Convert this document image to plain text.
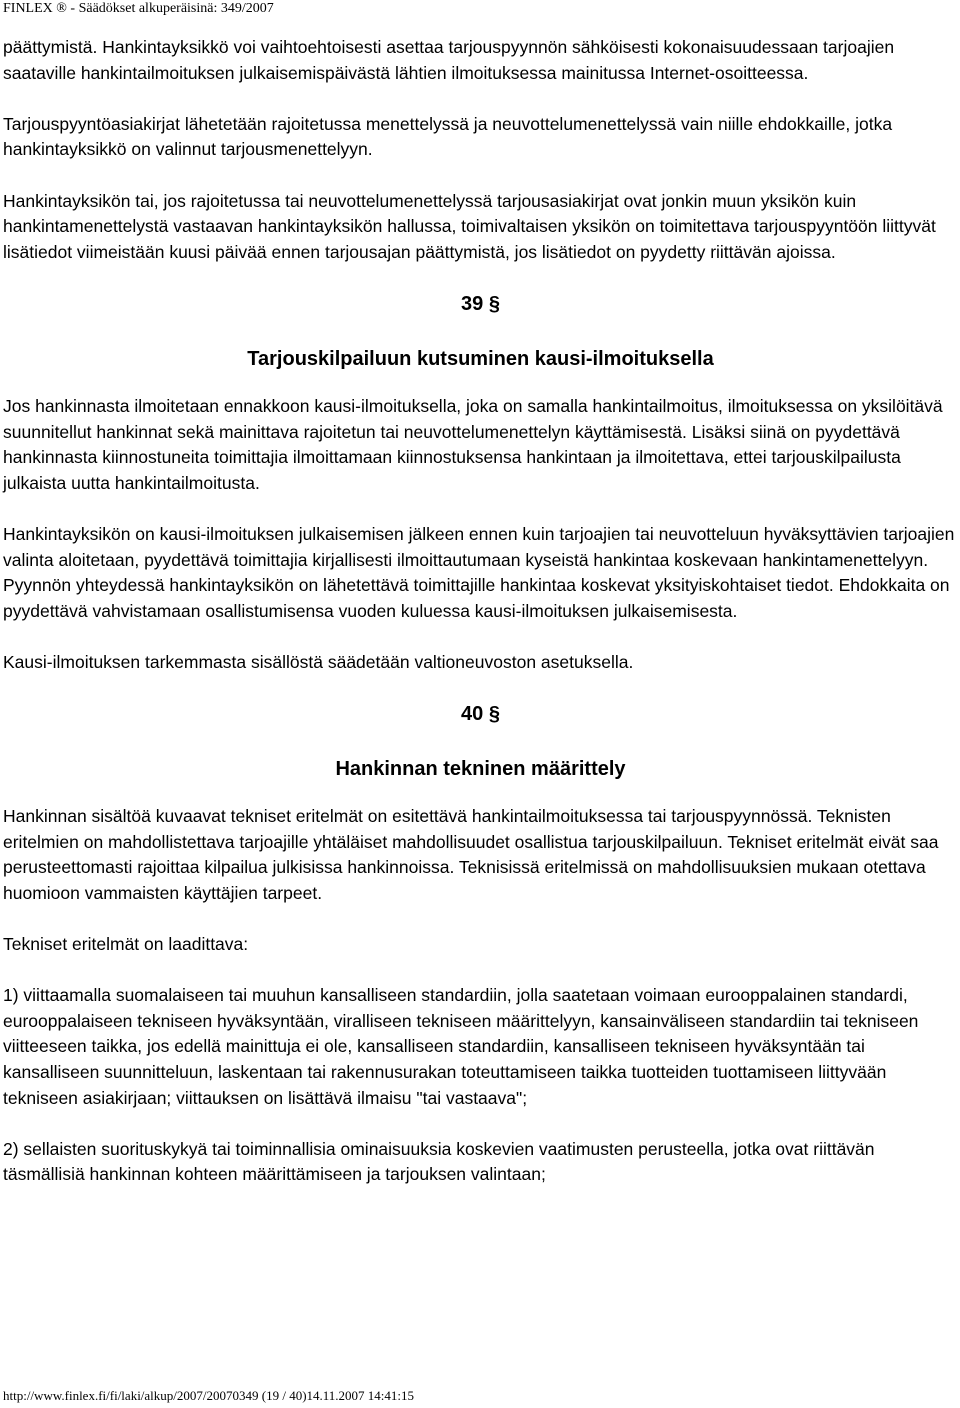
FINLEX ® - Säädökset alkuperäisinä: 349/2007

päättymistä. Hankintayksikkö voi vaihtoehtoisesti asettaa tarjouspyynnön sähköisesti kokonaisuudessaan tarjoajien saataville hankintailmoituksen julkaisemispäivästä lähtien ilmoituksessa mainitussa Internet-osoitteessa.

Tarjouspyyntöasiakirjat lähetetään rajoitetussa menettelyssä ja neuvottelumenettelyssä vain niille ehdokkaille, jotka hankintayksikkö on valinnut tarjousmenettelyyn.

Hankintayksikön tai, jos rajoitetussa tai neuvottelumenettelyssä tarjousasiakirjat ovat jonkin muun yksikön kuin hankintamenettelystä vastaavan hankintayksikön hallussa, toimivaltaisen yksikön on toimitettava tarjouspyyntöön liittyvät lisätiedot viimeistään kuusi päivää ennen tarjousajan päättymistä, jos lisätiedot on pyydetty riittävän ajoissa.

39 §
Tarjouskilpailuun kutsuminen kausi-ilmoituksella

Jos hankinnasta ilmoitetaan ennakkoon kausi-ilmoituksella, joka on samalla hankintailmoitus, ilmoituksessa on yksilöitävä suunnitellut hankinnat sekä mainittava rajoitetun tai neuvottelumenettelyn käyttämisestä. Lisäksi siinä on pyydettävä hankinnasta kiinnostuneita toimittajia ilmoittamaan kiinnostuksensa hankintaan ja ilmoitettava, ettei tarjouskilpailusta julkaista uutta hankintailmoitusta.

Hankintayksikön on kausi-ilmoituksen julkaisemisen jälkeen ennen kuin tarjoajien tai neuvotteluun hyväksyttävien tarjoajien valinta aloitetaan, pyydettävä toimittajia kirjallisesti ilmoittautumaan kyseistä hankintaa koskevaan hankintamenettelyyn. Pyynnön yhteydessä hankintayksikön on lähetettävä toimittajille hankintaa koskevat yksityiskohtaiset tiedot. Ehdokkaita on pyydettävä vahvistamaan osallistumisensa vuoden kuluessa kausi-ilmoituksen julkaisemisesta.

Kausi-ilmoituksen tarkemmasta sisällöstä säädetään valtioneuvoston asetuksella.

40 §
Hankinnan tekninen määrittely

Hankinnan sisältöä kuvaavat tekniset eritelmät on esitettävä hankintailmoituksessa tai tarjouspyynnössä. Teknisten eritelmien on mahdollistettava tarjoajille yhtäläiset mahdollisuudet osallistua tarjouskilpailuun. Tekniset eritelmät eivät saa perusteettomasti rajoittaa kilpailua julkisissa hankinnoissa. Teknisissä eritelmissä on mahdollisuuksien mukaan otettava huomioon vammaisten käyttäjien tarpeet.

Tekniset eritelmät on laadittava:

1) viittaamalla suomalaiseen tai muuhun kansalliseen standardiin, jolla saatetaan voimaan eurooppalainen standardi, eurooppalaiseen tekniseen hyväksyntään, viralliseen tekniseen määrittelyyn, kansainväliseen standardiin tai tekniseen viitteeseen taikka, jos edellä mainittuja ei ole, kansalliseen standardiin, kansalliseen tekniseen hyväksyntään tai kansalliseen suunnitteluun, laskentaan tai rakennusurakan toteuttamiseen taikka tuotteiden tuottamiseen liittyvään tekniseen asiakirjaan; viittauksen on lisättävä ilmaisu "tai vastaava";

2) sellaisten suorituskykyä tai toiminnallisia ominaisuuksia koskevien vaatimusten perusteella, jotka ovat riittävän täsmällisiä hankinnan kohteen määrittämiseen ja tarjouksen valintaan;

http://www.finlex.fi/fi/laki/alkup/2007/20070349 (19 / 40)14.11.2007 14:41:15
